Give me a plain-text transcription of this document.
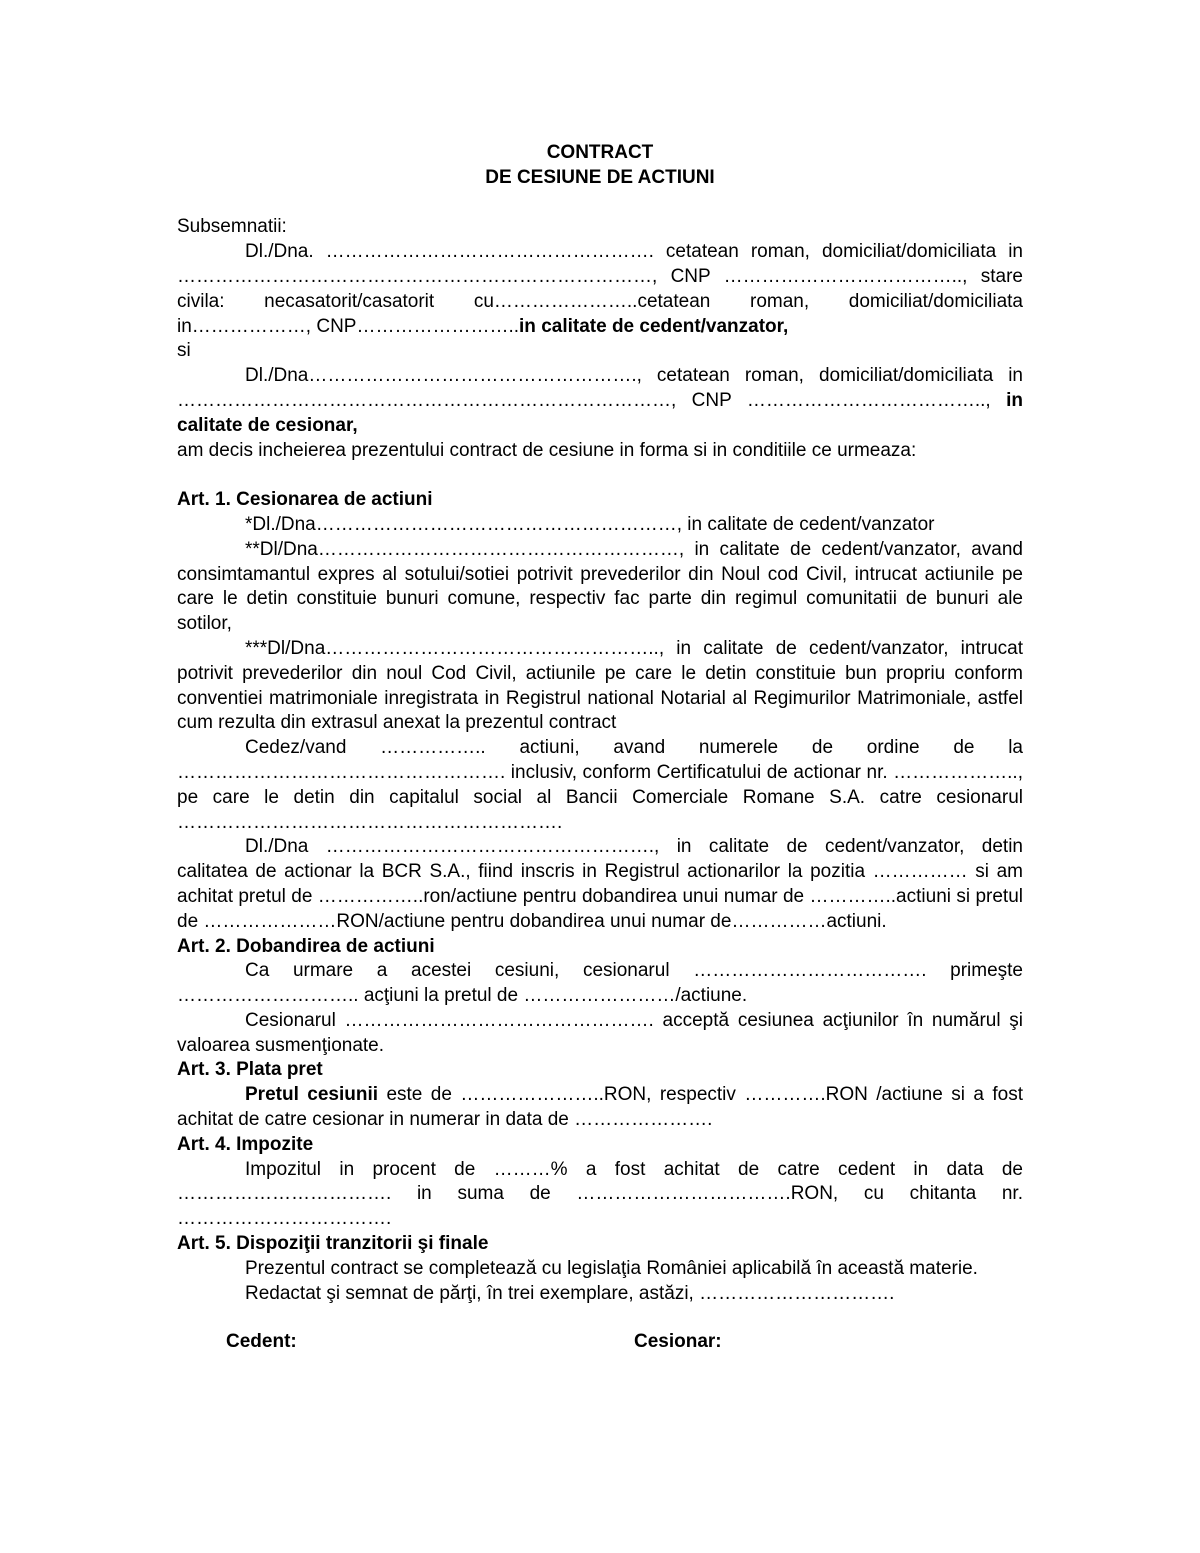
CONTRACT

DE CESIUNE DE ACTIUNI

Subsemnatii:

Dl./Dna. ……………………………………………. cetatean roman, domiciliat/domiciliata in …………………………………………………………………, CNP ……………………………….., stare civila: necasatorit/casatorit cu…………………..cetatean roman, domiciliat/domiciliata in………………, CNP……………………..in calitate de cedent/vanzator,

si

Dl./Dna……………………………………………., cetatean roman, domiciliat/domiciliata in ……………………………………………………………………, CNP ……………………………….., in calitate de cesionar,

am decis incheierea prezentului contract de cesiune in forma si in conditiile ce urmeaza:

Art. 1. Cesionarea de actiuni

*Dl./Dna…………………………………………………, in calitate de cedent/vanzator

**Dl/Dna…………………………………………………, in calitate de cedent/vanzator, avand consimtamantul expres al sotului/sotiei potrivit prevederilor din Noul cod Civil, intrucat actiunile pe care le detin constituie bunuri comune, respectiv fac parte din regimul comunitatii de bunuri ale sotilor,

***Dl/Dna…………………………………………….., in calitate de cedent/vanzator, intrucat potrivit prevederilor din noul Cod Civil, actiunile pe care le detin constituie bun propriu conform conventiei matrimoniale inregistrata in Registrul national Notarial al Regimurilor Matrimoniale, astfel cum rezulta din extrasul anexat la prezentul contract

Cedez/vand …………….. actiuni, avand numerele de ordine de la ……………………………………………. inclusiv, conform Certificatului de actionar nr. ……………….., pe care le detin din capitalul social al Bancii Comerciale Romane S.A. catre cesionarul …………………………………………………….

Dl./Dna ……………………………………………., in calitate de cedent/vanzator, detin calitatea de actionar la BCR S.A., fiind inscris in Registrul actionarilor la pozitia …………… si am achitat pretul de ……………..ron/actiune pentru dobandirea unui numar de …………..actiuni si pretul de …………………RON/actiune pentru dobandirea unui numar de……………actiuni.

Art. 2. Dobandirea de actiuni

Ca urmare a acestei cesiuni, cesionarul ………………………………. primeşte ……………………….. acţiuni la pretul de ……………………/actiune.

Cesionarul …………………………………………. acceptă cesiunea acţiunilor în numărul şi valoarea susmenţionate.

Art. 3. Plata pret

Pretul cesiunii este de …………………..RON, respectiv ………….RON /actiune si a fost achitat de catre cesionar in numerar in data de ………………….

Art. 4. Impozite

Impozitul in procent de ………% a fost achitat de catre cedent in data de ……………………………. in suma de …………………………….RON, cu chitanta nr. …………………………….

Art. 5. Dispoziţii tranzitorii şi finale

Prezentul contract se completează cu legislaţia României aplicabilă în această materie.

Redactat şi semnat de părţi, în trei exemplare, astăzi, ………………………….

Cedent:	Cesionar:
